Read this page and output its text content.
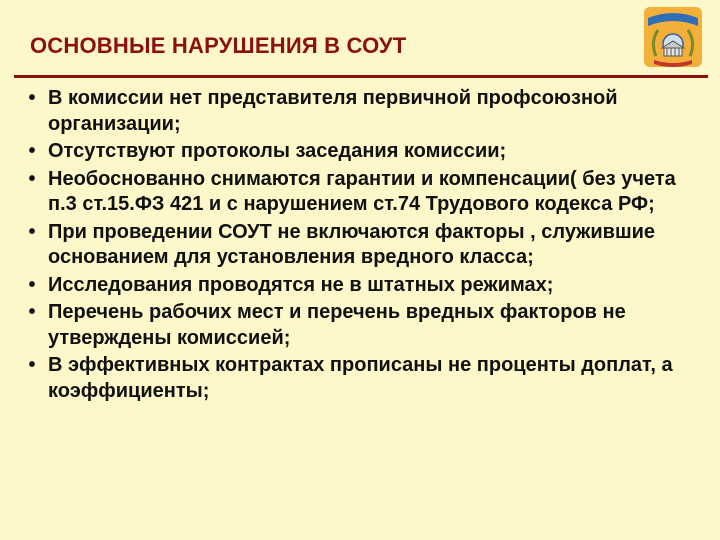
ОСНОВНЫЕ НАРУШЕНИЯ В СОУТ
• В комиссии нет представителя первичной профсоюзной организации;
• Отсутствуют протоколы заседания комиссии;
• Необоснованно снимаются гарантии и компенсации( без учета п.3 ст.15.ФЗ 421 и с нарушением ст.74 Трудового кодекса РФ;
• При проведении СОУТ не включаются факторы , служившие основанием для установления вредного класса;
• Исследования проводятся не в штатных режимах;
• Перечень рабочих мест и перечень вредных факторов не утверждены комиссией;
• В эффективных контрактах прописаны не проценты доплат, а коэффициенты;
